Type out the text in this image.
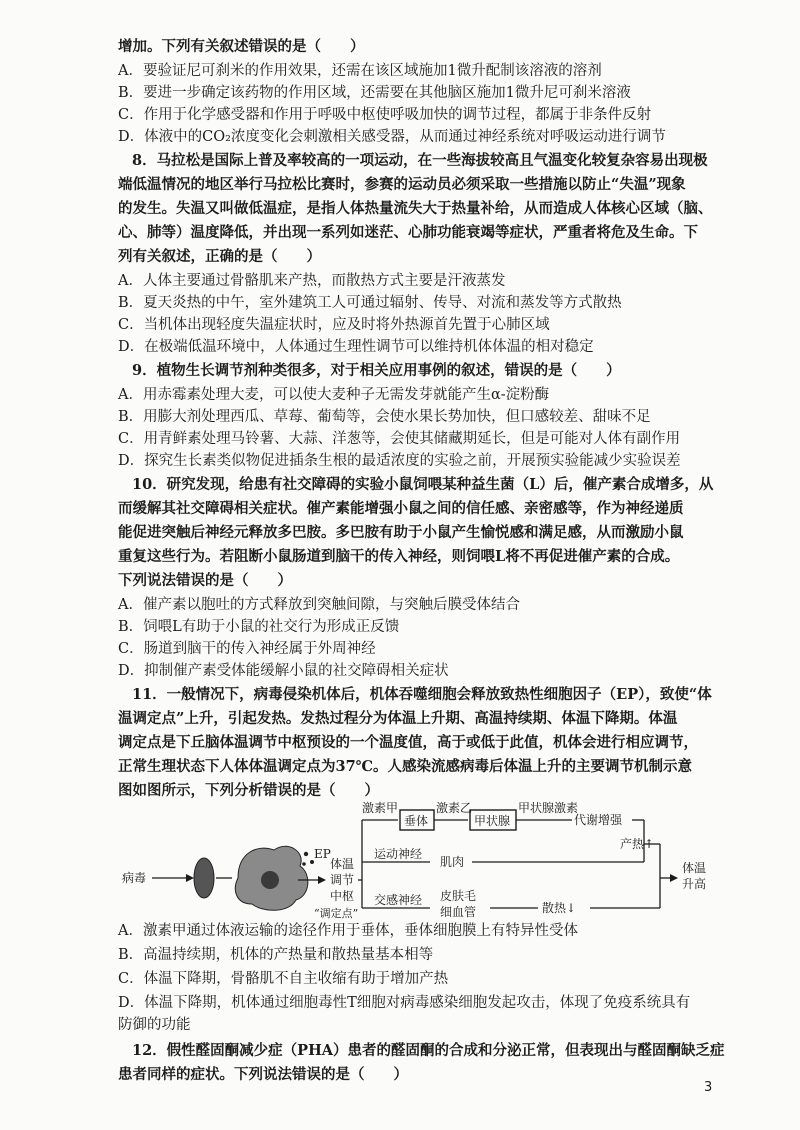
增加。下列有关叙述错误的是（　　）
A．要验证尼可刹米的作用效果，还需在该区域施加1微升配制该溶液的溶剂
B．要进一步确定该药物的作用区域，还需要在其他脑区施加1微升尼可刹米溶液
C．作用于化学感受器和作用于呼吸中枢使呼吸加快的调节过程，都属于非条件反射
D．体液中的CO₂浓度变化会刺激相关感受器，从而通过神经系统对呼吸运动进行调节
8．马拉松是国际上普及率较高的一项运动，在一些海拔较高且气温变化较复杂容易出现极
端低温情况的地区举行马拉松比赛时，参赛的运动员必须采取一些措施以防止“失温”现象
的发生。失温又叫做低温症，是指人体热量流失大于热量补给，从而造成人体核心区域（脑、
心、肺等）温度降低，并出现一系列如迷茫、心肺功能衰竭等症状，严重者将危及生命。下
列有关叙述，正确的是（　　）
A．人体主要通过骨骼肌来产热，而散热方式主要是汗液蒸发
B．夏天炎热的中午，室外建筑工人可通过辐射、传导、对流和蒸发等方式散热
C．当机体出现轻度失温症状时，应及时将外热源首先置于心肺区域
D．在极端低温环境中，人体通过生理性调节可以维持机体体温的相对稳定
9．植物生长调节剂种类很多，对于相关应用事例的叙述，错误的是（　　）
A．用赤霉素处理大麦，可以使大麦种子无需发芽就能产生α-淀粉酶
B．用膨大剂处理西瓜、草莓、葡萄等，会使水果长势加快，但口感较差、甜味不足
C．用青鲜素处理马铃薯、大蒜、洋葱等，会使其储藏期延长，但是可能对人体有副作用
D．探究生长素类似物促进插条生根的最适浓度的实验之前，开展预实验能减少实验误差
10．研究发现，给患有社交障碍的实验小鼠饲喂某种益生菌（L）后，催产素合成增多，从
而缓解其社交障碍相关症状。催产素能增强小鼠之间的信任感、亲密感等，作为神经递质
能促进突触后神经元释放多巴胺。多巴胺有助于小鼠产生愉悦感和满足感，从而激励小鼠
重复这些行为。若阻断小鼠肠道到脑干的传入神经，则饲喂L将不再促进催产素的合成。
下列说法错误的是（　　）
A．催产素以胞吐的方式释放到突触间隙，与突触后膜受体结合
B．饲喂L有助于小鼠的社交行为形成正反馈
C．肠道到脑干的传入神经属于外周神经
D．抑制催产素受体能缓解小鼠的社交障碍相关症状
11．一般情况下，病毒侵染机体后，机体吞噬细胞会释放致热性细胞因子（EP），致使“体
温调定点”上升，引起发热。发热过程分为体温上升期、高温持续期、体温下降期。体温
调定点是下丘脑体温调节中枢预设的一个温度值，高于或低于此值，机体会进行相应调节，
正常生理状态下人体体温调定点为37℃。人感染流感病毒后体温上升的主要调节机制示意
图如图所示，下列分析错误的是（　　）
病毒
EP
体温
调节
中枢
“调定点”
激素甲
垂体
激素乙
甲状腺
甲状腺激素
代谢增强
运动神经
肌肉
交感神经 皮肤毛
细血管	散热↓
产热↑
体温
升高
A．激素甲通过体液运输的途径作用于垂体，垂体细胞膜上有特异性受体
B．高温持续期，机体的产热量和散热量基本相等
C．体温下降期，骨骼肌不自主收缩有助于增加产热
D．体温下降期，机体通过细胞毒性T细胞对病毒感染细胞发起攻击，体现了免疫系统具有
防御的功能
12．假性醛固酮减少症（PHA）患者的醛固酮的合成和分泌正常，但表现出与醛固酮缺乏症
患者同样的症状。下列说法错误的是（　　）
3
